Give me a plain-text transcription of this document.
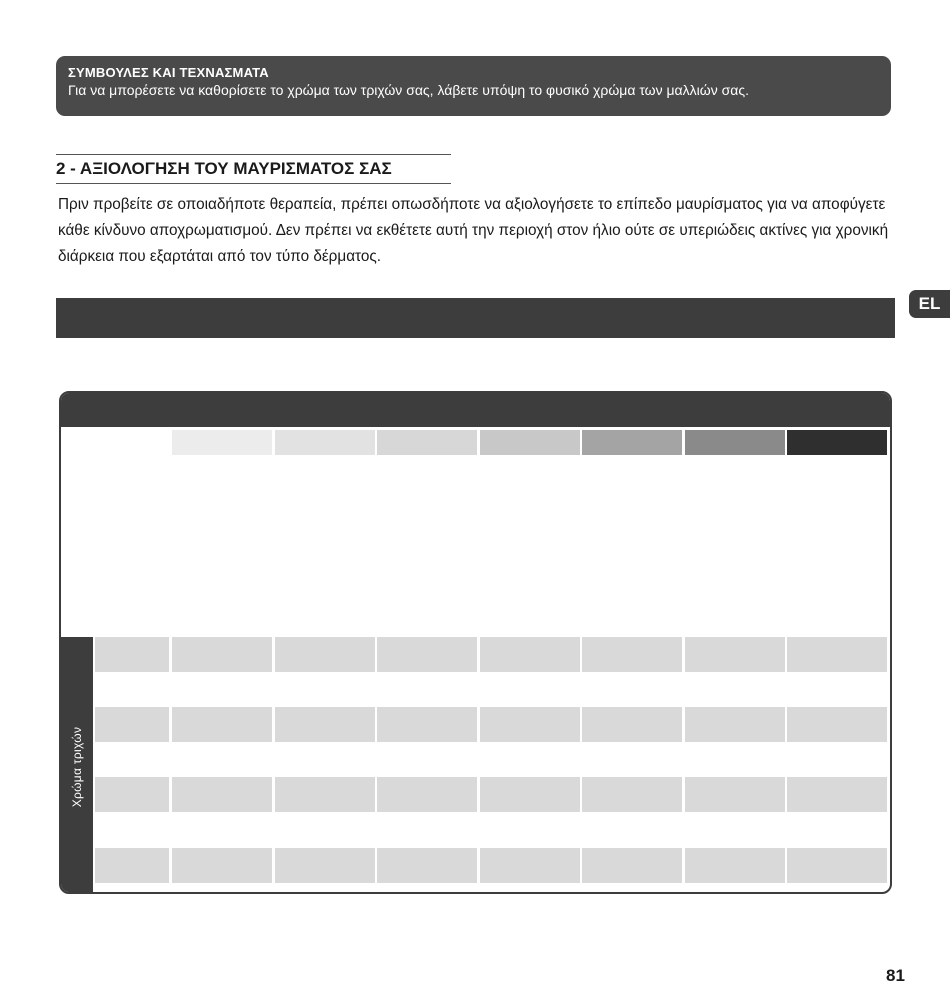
ΣΥΜΒΟΥΛΕΣ ΚΑΙ ΤΕΧΝΑΣΜΑΤΑ
Για να μπορέσετε να καθορίσετε το χρώμα των τριχών σας, λάβετε υπόψη το φυσικό χρώμα των μαλλιών σας.
2 - ΑΞΙΟΛΟΓΗΣΗ ΤΟΥ ΜΑΥΡΙΣΜΑΤΟΣ ΣΑΣ
Πριν προβείτε σε οποιαδήποτε θεραπεία, πρέπει οπωσδήποτε να αξιολογήσετε το επίπεδο μαυρίσματος για να αποφύγετε κάθε κίνδυνο αποχρωματισμού. Δεν πρέπει να εκθέτετε αυτή την περιοχή στον ήλιο ούτε σε υπεριώδεις ακτίνες για χρονική διάρκεια που εξαρτάται από τον τύπο δέρματος.
EL
Χρώμα τριχών
81
